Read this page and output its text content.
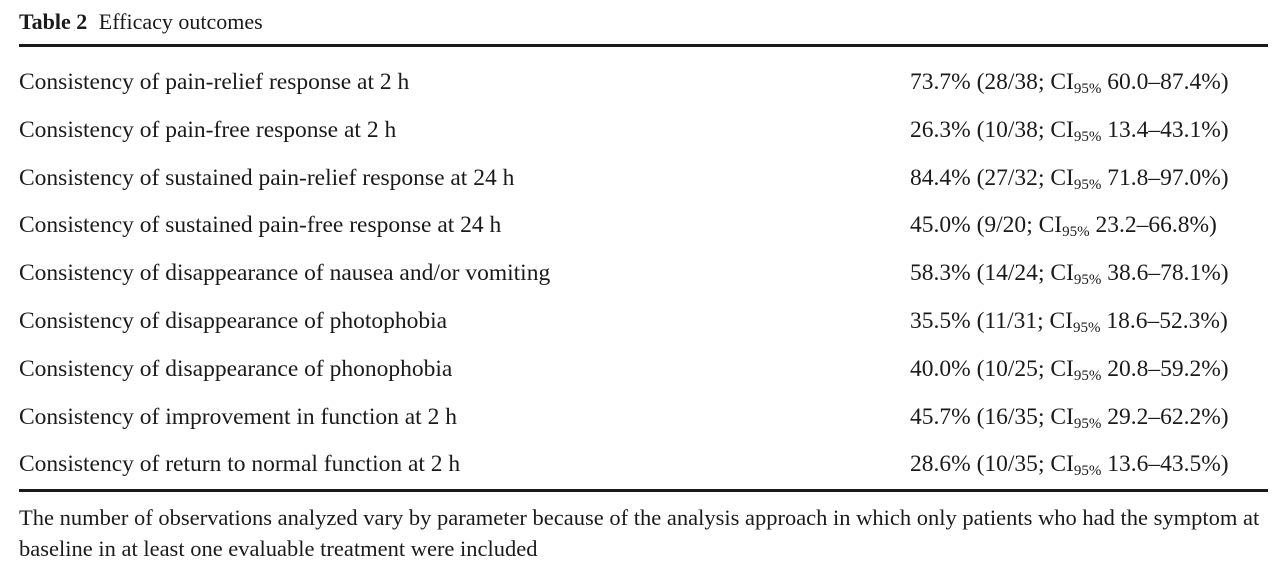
Table 2 Efficacy outcomes
Consistency of pain-relief response at 2 h	73.7% (28/38; $CI_{95\%}$ 60.0–87.4%)
Consistency of pain-free response at 2 h	26.3% (10/38; $CI_{95\%}$ 13.4–43.1%)
Consistency of sustained pain-relief response at 24 h	84.4% (27/32; $CI_{95\%}$ 71.8–97.0%)
Consistency of sustained pain-free response at 24 h	45.0% (9/20; $CI_{95\%}$ 23.2–66.8%)
Consistency of disappearance of nausea and/or vomiting	58.3% (14/24; $CI_{95\%}$ 38.6–78.1%)
Consistency of disappearance of photophobia	35.5% (11/31; $CI_{95\%}$ 18.6–52.3%)
Consistency of disappearance of phonophobia	40.0% (10/25; $CI_{95\%}$ 20.8–59.2%)
Consistency of improvement in function at 2 h	45.7% (16/35; $CI_{95\%}$ 29.2–62.2%)
Consistency of return to normal function at 2 h	28.6% (10/35; $CI_{95\%}$ 13.6–43.5%)
The number of observations analyzed vary by parameter because of the analysis approach in which only patients who had the symptom at baseline in at least one evaluable treatment were included
